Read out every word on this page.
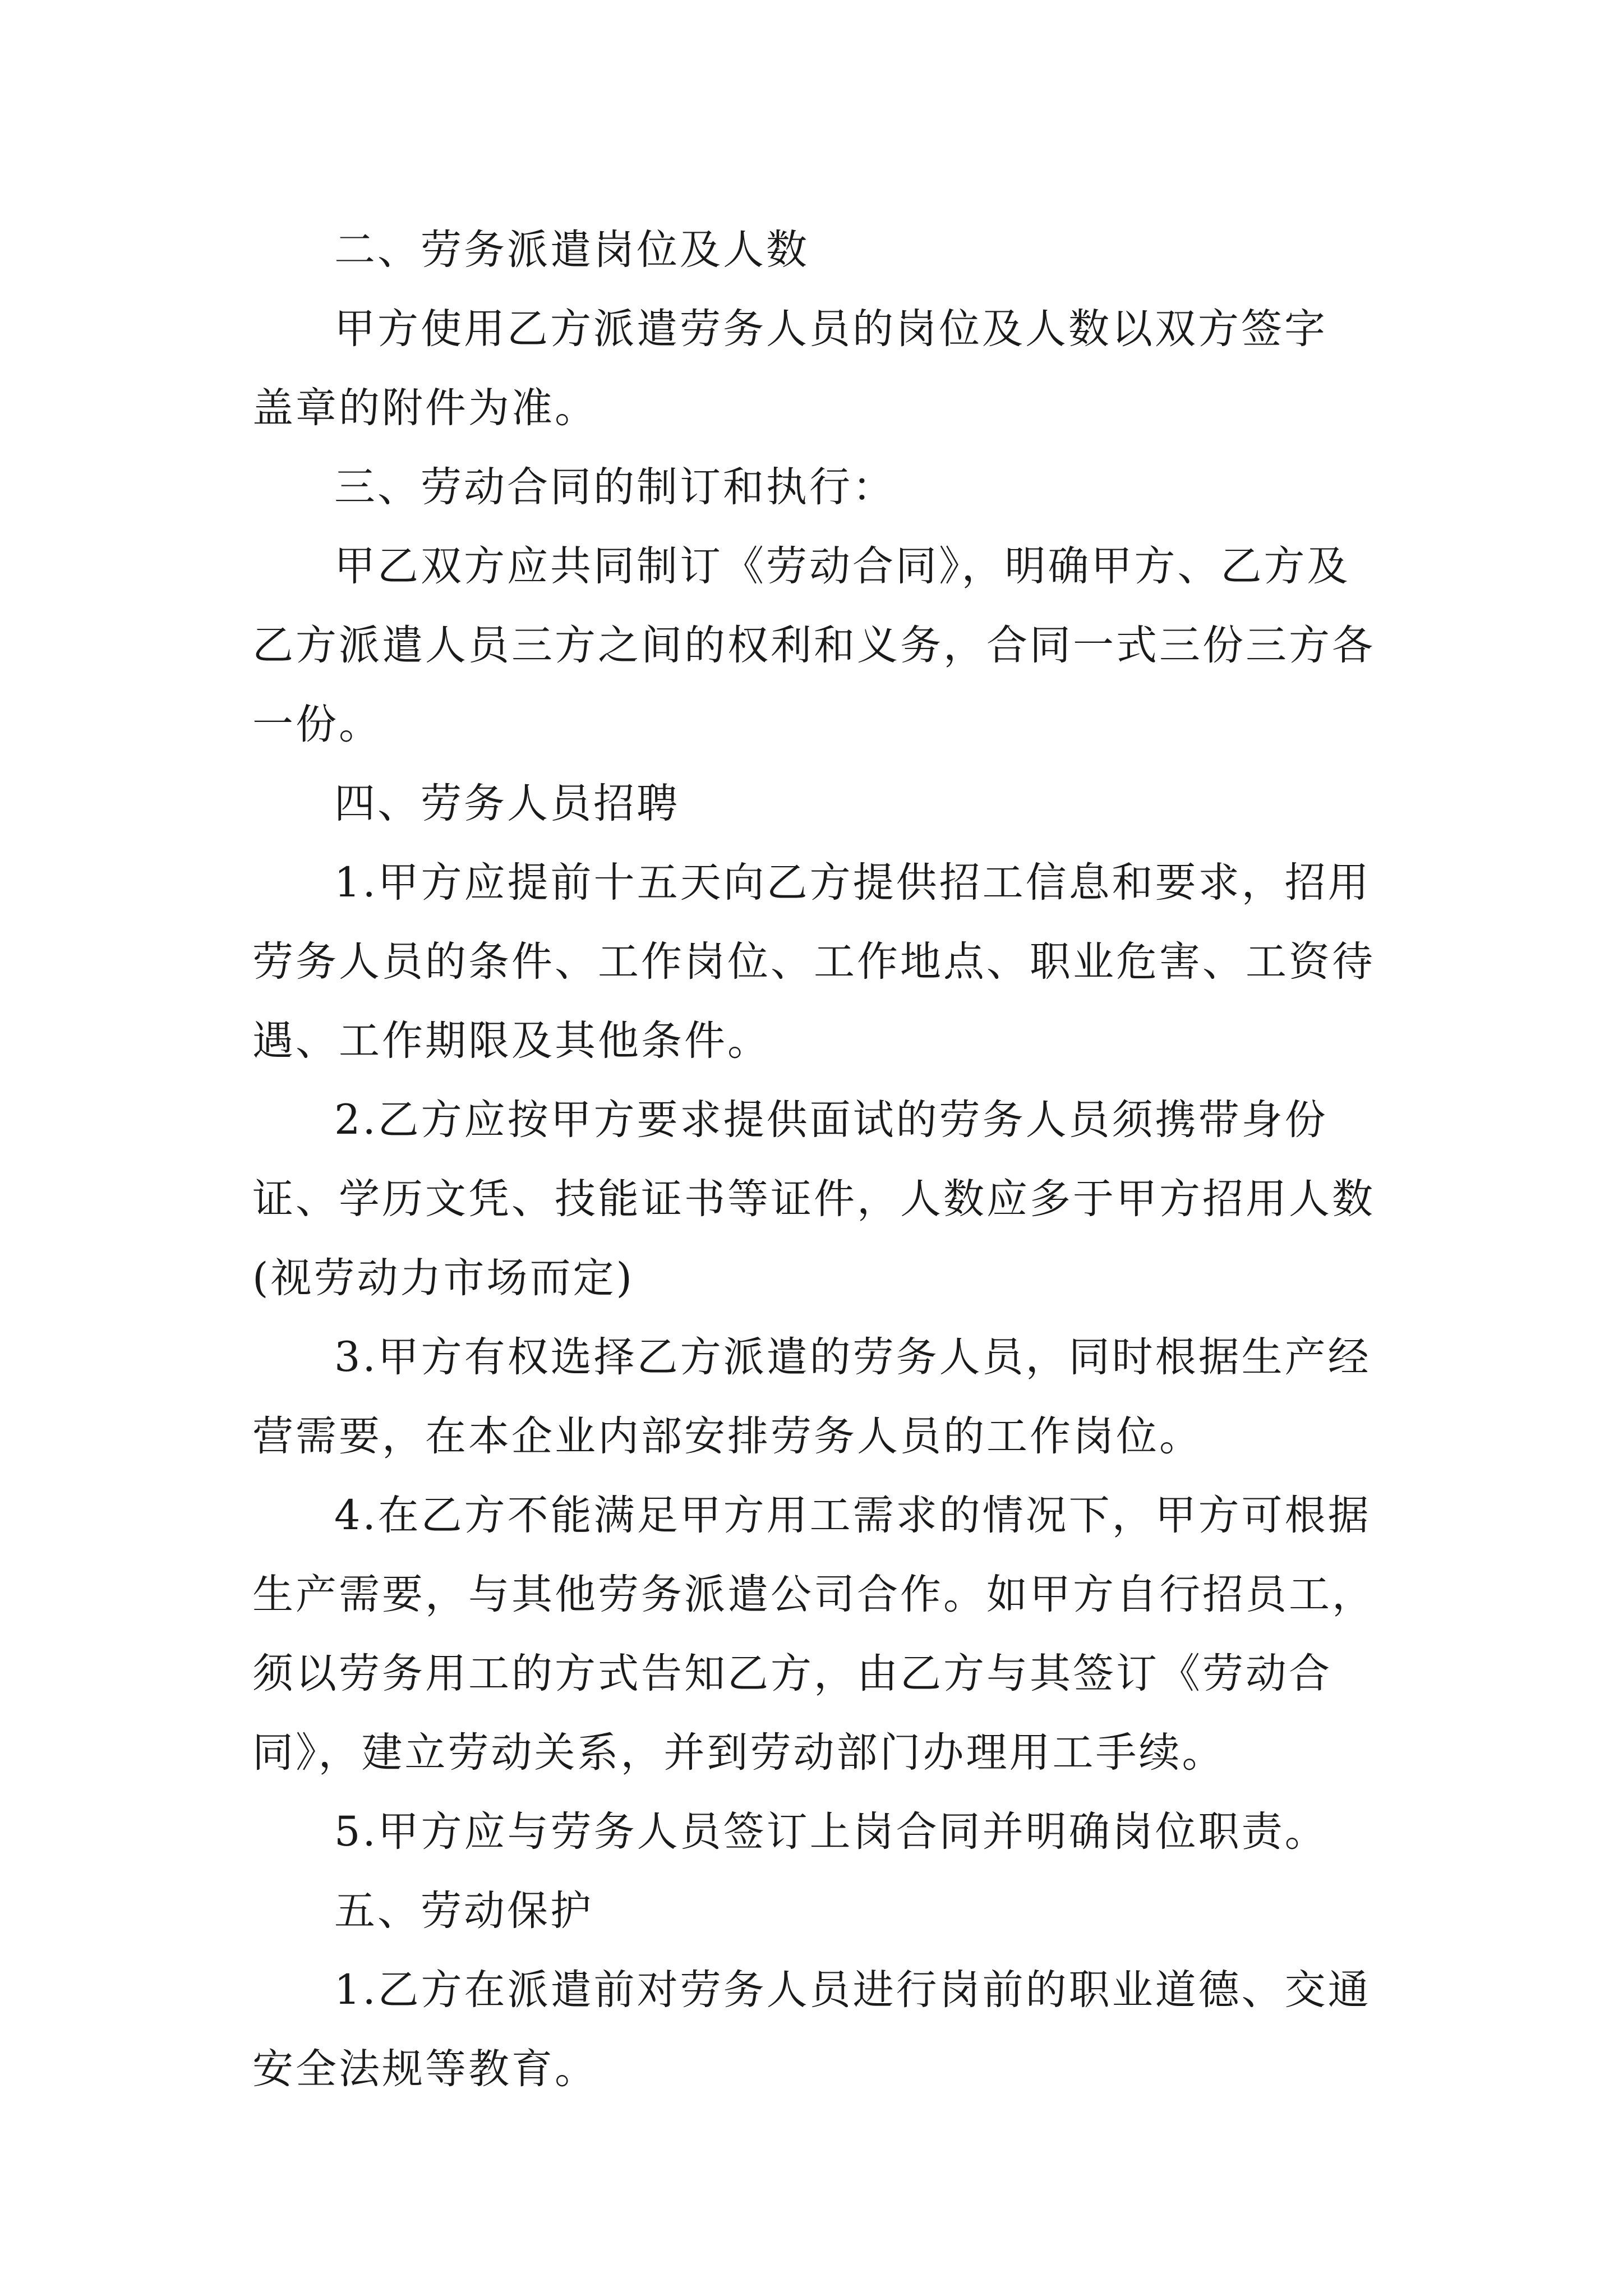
二、劳务派遣岗位及人数

甲方使用乙方派遣劳务人员的岗位及人数以双方签字
盖章的附件为准。

三、劳动合同的制订和执行：

甲乙双方应共同制订《劳动合同》，明确甲方、乙方及
乙方派遣人员三方之间的权利和义务，合同一式三份三方各
一份。

四、劳务人员招聘

1.甲方应提前十五天向乙方提供招工信息和要求，招用
劳务人员的条件、工作岗位、工作地点、职业危害、工资待
遇、工作期限及其他条件。

2.乙方应按甲方要求提供面试的劳务人员须携带身份
证、学历文凭、技能证书等证件，人数应多于甲方招用人数
(视劳动力市场而定)

3.甲方有权选择乙方派遣的劳务人员，同时根据生产经
营需要，在本企业内部安排劳务人员的工作岗位。

4.在乙方不能满足甲方用工需求的情况下，甲方可根据
生产需要，与其他劳务派遣公司合作。如甲方自行招员工，
须以劳务用工的方式告知乙方，由乙方与其签订《劳动合
同》，建立劳动关系，并到劳动部门办理用工手续。

5.甲方应与劳务人员签订上岗合同并明确岗位职责。

五、劳动保护

1.乙方在派遣前对劳务人员进行岗前的职业道德、交通
安全法规等教育。
